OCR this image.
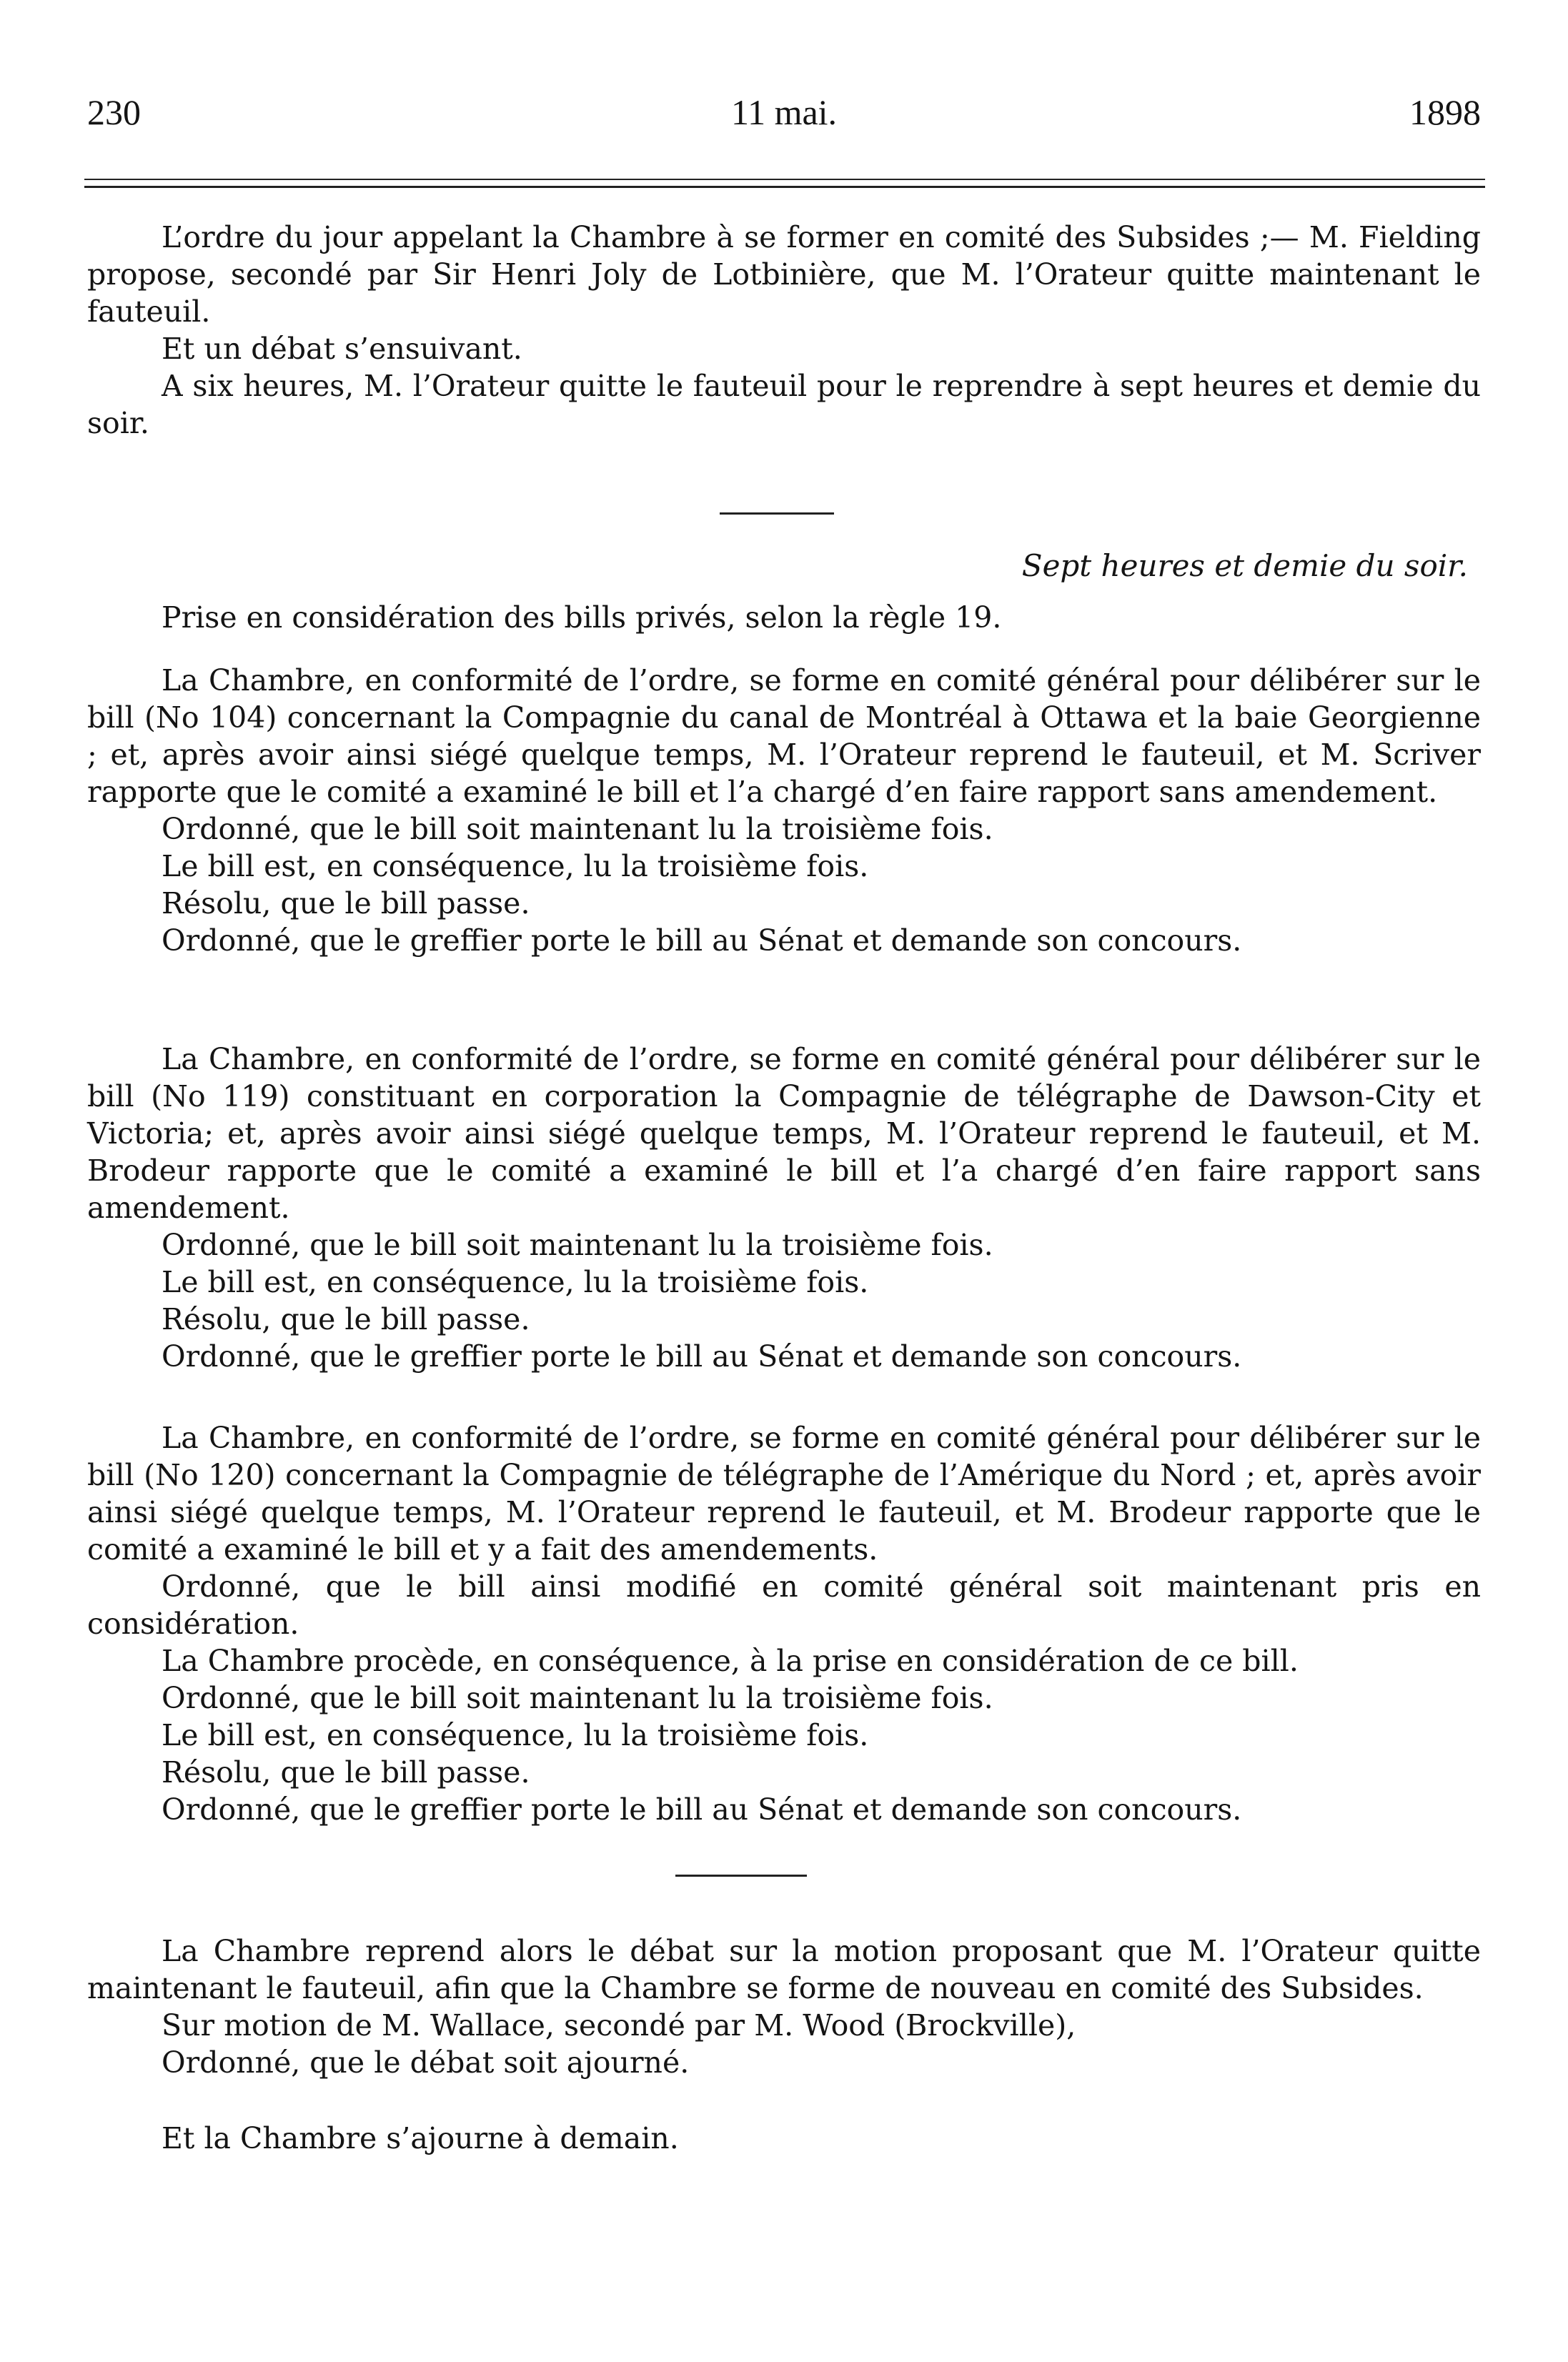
230	11 mai.	1898

L’ordre du jour appelant la Chambre à se former en comité des Subsides ;— M. Fielding propose, secondé par Sir Henri Joly de Lotbinière, que M. l’Orateur quitte maintenant le fauteuil.

Et un débat s’ensuivant.

A six heures, M. l’Orateur quitte le fauteuil pour le reprendre à sept heures et demie du soir.

Sept heures et demie du soir.

Prise en considération des bills privés, selon la règle 19.

La Chambre, en conformité de l’ordre, se forme en comité général pour délibérer sur le bill (No 104) concernant la Compagnie du canal de Montréal à Ottawa et la baie Georgienne ; et, après avoir ainsi siégé quelque temps, M. l’Orateur reprend le fauteuil, et M. Scriver rapporte que le comité a examiné le bill et l’a chargé d’en faire rapport sans amendement.

Ordonné, que le bill soit maintenant lu la troisième fois.

Le bill est, en conséquence, lu la troisième fois.

Résolu, que le bill passe.

Ordonné, que le greffier porte le bill au Sénat et demande son concours.

La Chambre, en conformité de l’ordre, se forme en comité général pour délibérer sur le bill (No 119) constituant en corporation la Compagnie de télégraphe de Dawson-City et Victoria; et, après avoir ainsi siégé quelque temps, M. l’Orateur reprend le fauteuil, et M. Brodeur rapporte que le comité a examiné le bill et l’a chargé d’en faire rapport sans amendement.

Ordonné, que le bill soit maintenant lu la troisième fois.

Le bill est, en conséquence, lu la troisième fois.

Résolu, que le bill passe.

Ordonné, que le greffier porte le bill au Sénat et demande son concours.

La Chambre, en conformité de l’ordre, se forme en comité général pour délibérer sur le bill (No 120) concernant la Compagnie de télégraphe de l’Amérique du Nord ; et, après avoir ainsi siégé quelque temps, M. l’Orateur reprend le fauteuil, et M. Brodeur rapporte que le comité a examiné le bill et y a fait des amendements.

Ordonné, que le bill ainsi modifié en comité général soit maintenant pris en considération.

La Chambre procède, en conséquence, à la prise en considération de ce bill.

Ordonné, que le bill soit maintenant lu la troisième fois.

Le bill est, en conséquence, lu la troisième fois.

Résolu, que le bill passe.

Ordonné, que le greffier porte le bill au Sénat et demande son concours.

La Chambre reprend alors le débat sur la motion proposant que M. l’Orateur quitte maintenant le fauteuil, afin que la Chambre se forme de nouveau en comité des Subsides.

Sur motion de M. Wallace, secondé par M. Wood (Brockville),

Ordonné, que le débat soit ajourné.

Et la Chambre s’ajourne à demain.
